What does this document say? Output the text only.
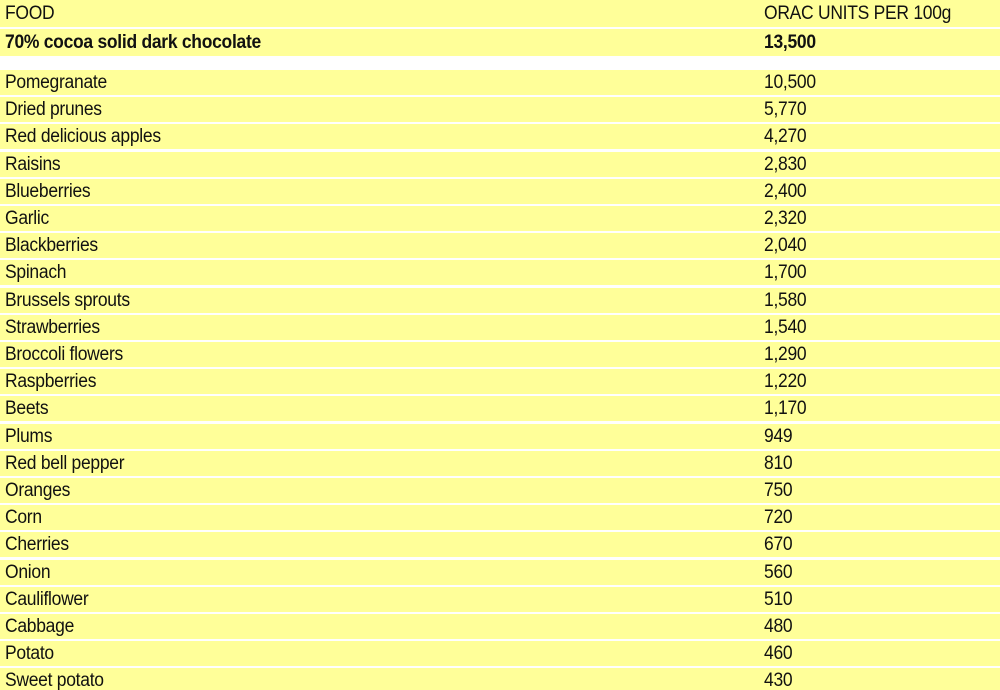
FOOD	ORAC UNITS PER 100g
70% cocoa solid dark chocolate	13,500
Pomegranate	10,500
Dried prunes	5,770
Red delicious apples	4,270
Raisins	2,830
Blueberries	2,400
Garlic	2,320
Blackberries	2,040
Spinach	1,700
Brussels sprouts	1,580
Strawberries	1,540
Broccoli flowers	1,290
Raspberries	1,220
Beets	1,170
Plums	949
Red bell pepper	810
Oranges	750
Corn	720
Cherries	670
Onion	560
Cauliflower	510
Cabbage	480
Potato	460
Sweet potato	430
